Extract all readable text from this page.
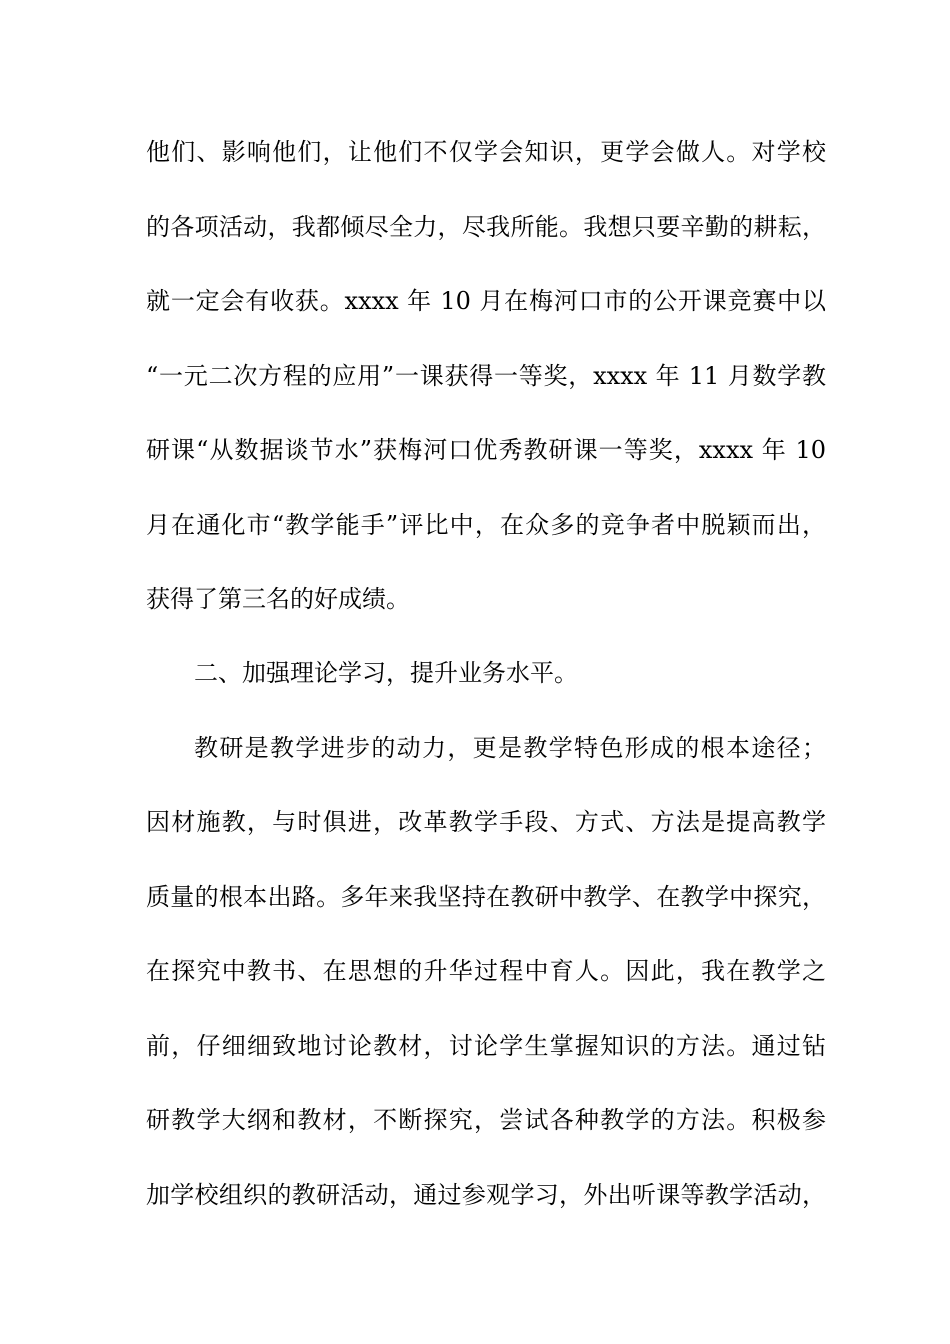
他们、影响他们，让他们不仅学会知识，更学会做人。对学校
的各项活动，我都倾尽全力，尽我所能。我想只要辛勤的耕耘，
就一定会有收获。xxxx 年 10 月在梅河口市的公开课竞赛中以
“一元二次方程的应用”一课获得一等奖，xxxx 年 11 月数学教
研课“从数据谈节水”获梅河口优秀教研课一等奖，xxxx 年 10
月在通化市“教学能手”评比中，在众多的竞争者中脱颖而出，
获得了第三名的好成绩。
二、加强理论学习，提升业务水平。
教研是教学进步的动力，更是教学特色形成的根本途径；
因材施教，与时俱进，改革教学手段、方式、方法是提高教学
质量的根本出路。多年来我坚持在教研中教学、在教学中探究，
在探究中教书、在思想的升华过程中育人。因此，我在教学之
前，仔细细致地讨论教材，讨论学生掌握知识的方法。通过钻
研教学大纲和教材，不断探究，尝试各种教学的方法。积极参
加学校组织的教研活动，通过参观学习，外出听课等教学活动，
